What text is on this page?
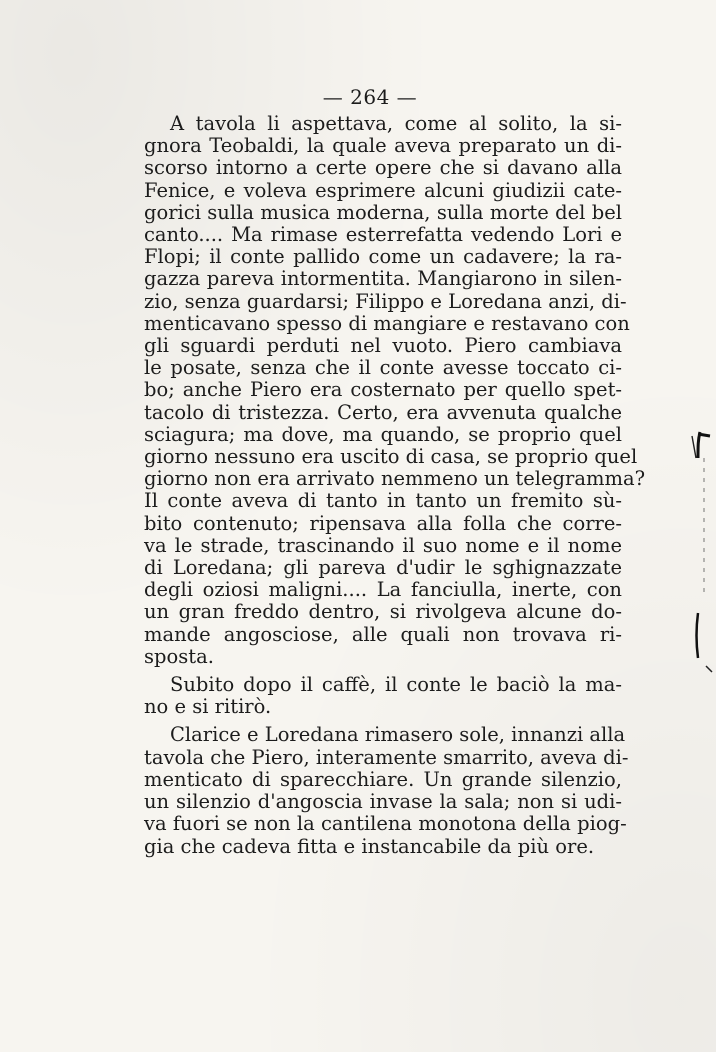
— 264 —
A tavola li aspettava, come al solito, la si-
gnora Teobaldi, la quale aveva preparato un di-
scorso intorno a certe opere che si davano alla
Fenice, e voleva esprimere alcuni giudizii cate-
gorici sulla musica moderna, sulla morte del bel
canto.... Ma rimase esterrefatta vedendo Lori e
Flopi; il conte pallido come un cadavere; la ra-
gazza pareva intormentita. Mangiarono in silen-
zio, senza guardarsi; Filippo e Loredana anzi, di-
menticavano spesso di mangiare e restavano con
gli sguardi perduti nel vuoto. Piero cambiava
le posate, senza che il conte avesse toccato ci-
bo; anche Piero era costernato per quello spet-
tacolo di tristezza. Certo, era avvenuta qualche
sciagura; ma dove, ma quando, se proprio quel
giorno nessuno era uscito di casa, se proprio quel
giorno non era arrivato nemmeno un telegramma?
Il conte aveva di tanto in tanto un fremito sù-
bito contenuto; ripensava alla folla che corre-
va le strade, trascinando il suo nome e il nome
di Loredana; gli pareva d'udir le sghignazzate
degli oziosi maligni.... La fanciulla, inerte, con
un gran freddo dentro, si rivolgeva alcune do-
mande angosciose, alle quali non trovava ri-
sposta.
Subito dopo il caffè, il conte le baciò la ma-
no e si ritirò.
Clarice e Loredana rimasero sole, innanzi alla
tavola che Piero, interamente smarrito, aveva di-
menticato di sparecchiare. Un grande silenzio,
un silenzio d'angoscia invase la sala; non si udi-
va fuori se non la cantilena monotona della piog-
gia che cadeva fitta e instancabile da più ore.
